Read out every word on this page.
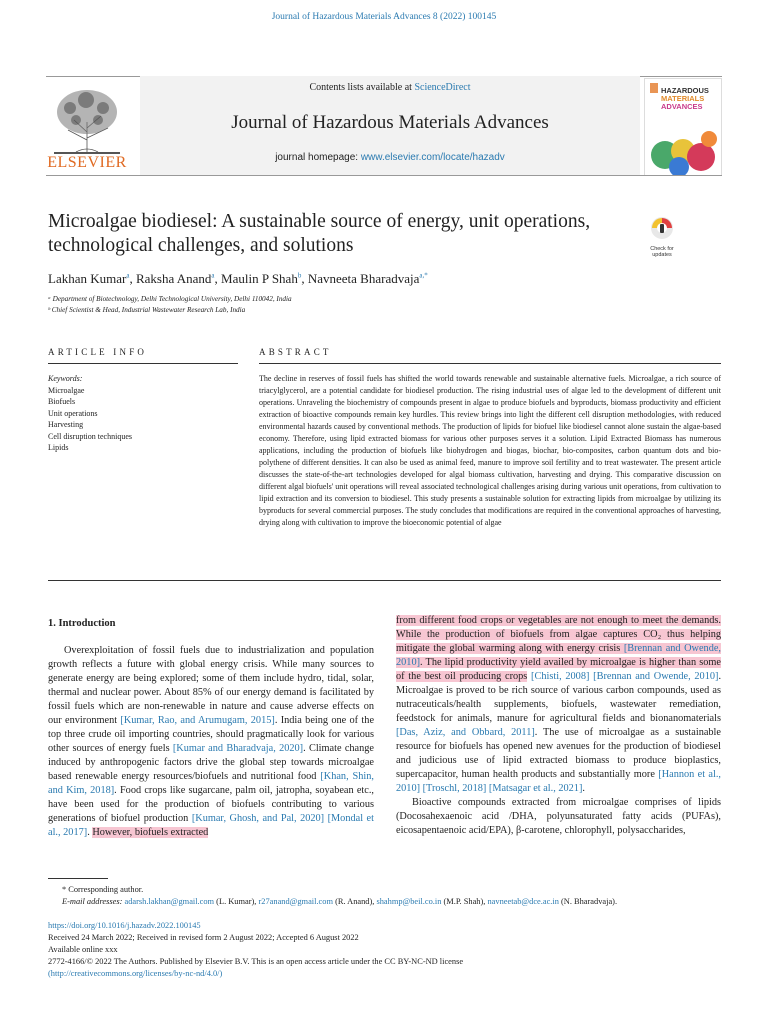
Journal of Hazardous Materials Advances 8 (2022) 100145
ELSEVIER
Contents lists available at ScienceDirect
Journal of Hazardous Materials Advances
journal homepage: www.elsevier.com/locate/hazadv
HAZARDOUS
MATERIALS
ADVANCES
Microalgae biodiesel: A sustainable source of energy, unit operations, technological challenges, and solutions	Check for updates
Lakhan Kumar$^a$, Raksha Anand$^a$, Maulin P Shah$^b$, Navneeta Bharadvaja$^{a,*}$
ᵃ Department of Biotechnology, Delhi Technological University, Delhi 110042, India
ᵇ Chief Scientist & Head, Industrial Wastewater Research Lab, India
ARTICLE INFO	ABSTRACT
Keywords:
Microalgae
Biofuels
Unit operations
Harvesting
Cell disruption techniques
Lipids
The decline in reserves of fossil fuels has shifted the world towards renewable and sustainable alternative fuels. Microalgae, a rich source of triacylglycerol, are a potential candidate for biodiesel production. The rising industrial uses of algae led to the development of different unit operations. Unraveling the biochemistry of compounds present in algae to produce biofuels and byproducts, biomass productivity and efficient extraction of bioactive compounds remain key hurdles. This review brings into light the different cell disruption methodologies, with reduced environmental hazards caused by conventional methods. The production of lipids for biofuel like biodiesel cannot alone sustain the algae-based economy. Therefore, using lipid extracted biomass for various other purposes serves it a solution. Lipid Extracted Biomass has numerous applications, including the production of biofuels like biohydrogen and biogas, biochar, bio-composites, carbon quantum dots and bio-polythene of different densities. It can also be used as animal feed, manure to improve soil fertility and to treat wastewater. The present article discusses the state-of-the-art technologies developed for algal biomass cultivation, harvesting and drying. This comparative discussion on different algal biofuels' unit operations will reveal associated technological challenges arising during various unit operations, from cultivation to lipid extraction and its conversion to biodiesel. This study presents a sustainable solution for extracting lipids from microalgae by utilizing its byproducts for several commercial purposes. The study concludes that modifications are required in the conventional approaches of harvesting, drying along with cultivation to improve the bioeconomic potential of algae
1. Introduction
Overexploitation of fossil fuels due to industrialization and population growth reflects a future with global energy crisis. While many sources to generate energy are being explored; some of them include hydro, tidal, solar, thermal and nuclear power. About 85% of our energy demand is facilitated by fossil fuels which are non-renewable in nature and cause adverse effects on our environment [Kumar, Rao, and Arumugam, 2015]. India being one of the top three crude oil importing countries, should pragmatically look for various other sources of energy fuels [Kumar and Bharadvaja, 2020]. Climate change induced by anthropogenic factors drive the global step towards microalgae based renewable energy resources/biofuels and nutritional food [Khan, Shin, and Kim, 2018]. Food crops like sugarcane, palm oil, jatropha, soyabean etc., have been used for the production of biofuels contributing to various generations of biofuel production [Kumar, Ghosh, and Pal, 2020] [Mondal et al., 2017]. However, biofuels extracted

from different food crops or vegetables are not enough to meet the demands. While the production of biofuels from algae captures CO₂ thus helping mitigate the global warming along with energy crisis [Brennan and Owende, 2010]. The lipid productivity yield availed by microalgae is higher than some of the best oil producing crops [Chisti, 2008] [Brennan and Owende, 2010]. Microalgae is proved to be rich source of various carbon compounds, used as nutraceuticals/health supplements, biofuels, wastewater remediation, feedstock for animals, manure for agricultural fields and bionanomaterials [Das, Aziz, and Obbard, 2011]. The use of microalgae as a sustainable resource for biofuels has opened new avenues for the production of biodiesel and judicious use of lipid extracted biomass to produce bioplastics, supercapacitor, human health products and substantially more [Hannon et al., 2010] [Troschl, 2018] [Matsagar et al., 2021].

Bioactive compounds extracted from microalgae comprises of lipids (Docosahexaenoic acid /DHA, polyunsaturated fatty acids (PUFAs), eicosapentaenoic acid/EPA), β-carotene, chlorophyll, polysaccharides,

* Corresponding author.
E-mail addresses: adarsh.lakhan@gmail.com (L. Kumar), r27anand@gmail.com (R. Anand), shahmp@beil.co.in (M.P. Shah), navneetab@dce.ac.in (N. Bharadvaja).
https://doi.org/10.1016/j.hazadv.2022.100145
Received 24 March 2022; Received in revised form 2 August 2022; Accepted 6 August 2022
Available online xxx
2772-4166/© 2022 The Authors. Published by Elsevier B.V. This is an open access article under the CC BY-NC-ND license
(http://creativecommons.org/licenses/by-nc-nd/4.0/)
